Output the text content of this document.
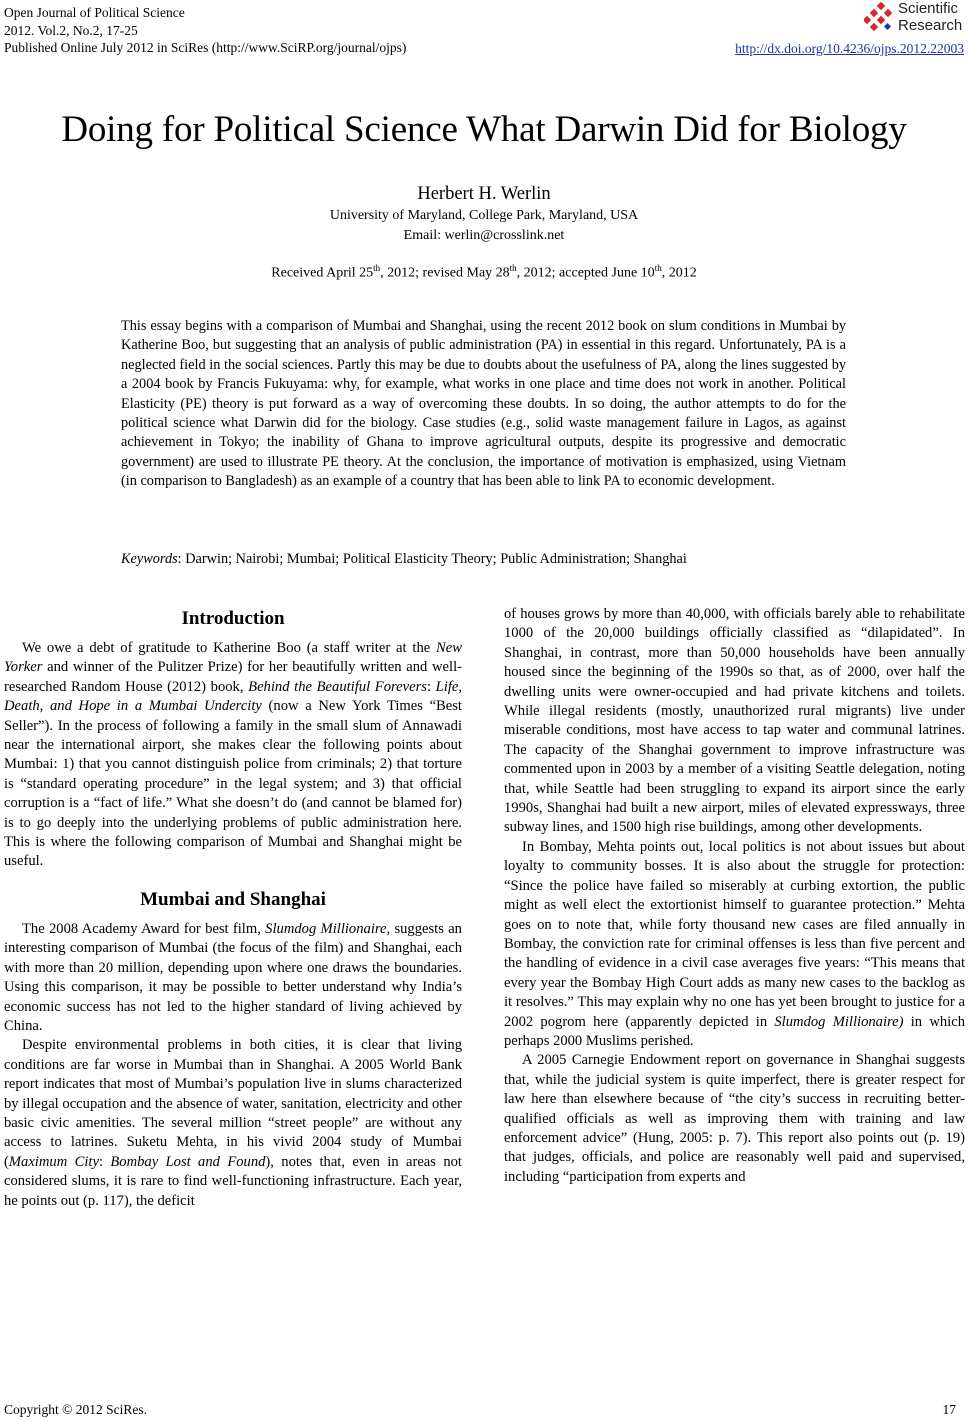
Open Journal of Political Science
2012. Vol.2, No.2, 17-25
Published Online July 2012 in SciRes (http://www.SciRP.org/journal/ojps)
Scientific
Research
http://dx.doi.org/10.4236/ojps.2012.22003
Doing for Political Science What Darwin Did for Biology
Herbert H. Werlin
University of Maryland, College Park, Maryland, USA
Email: werlin@crosslink.net
Received April 25th, 2012; revised May 28th, 2012; accepted June 10th, 2012
This essay begins with a comparison of Mumbai and Shanghai, using the recent 2012 book on slum conditions in Mumbai by Katherine Boo, but suggesting that an analysis of public administration (PA) in essential in this regard. Unfortunately, PA is a neglected field in the social sciences. Partly this may be due to doubts about the usefulness of PA, along the lines suggested by a 2004 book by Francis Fukuyama: why, for example, what works in one place and time does not work in another. Political Elasticity (PE) theory is put forward as a way of overcoming these doubts. In so doing, the author attempts to do for the political science what Darwin did for the biology. Case studies (e.g., solid waste management failure in Lagos, as against achievement in Tokyo; the inability of Ghana to improve agricultural outputs, despite its progressive and democratic government) are used to illustrate PE theory. At the conclusion, the importance of motivation is emphasized, using Vietnam (in comparison to Bangladesh) as an example of a country that has been able to link PA to economic development.
Keywords: Darwin; Nairobi; Mumbai; Political Elasticity Theory; Public Administration; Shanghai
Introduction

We owe a debt of gratitude to Katherine Boo (a staff writer at the New Yorker and winner of the Pulitzer Prize) for her beautifully written and well-researched Random House (2012) book, Behind the Beautiful Forevers: Life, Death, and Hope in a Mumbai Undercity (now a New York Times “Best Seller”). In the process of following a family in the small slum of Annawadi near the international airport, she makes clear the following points about Mumbai: 1) that you cannot distinguish police from criminals; 2) that torture is “standard operating procedure” in the legal system; and 3) that official corruption is a “fact of life.” What she doesn’t do (and cannot be blamed for) is to go deeply into the underlying problems of public administration here. This is where the following comparison of Mumbai and Shanghai might be useful.

Mumbai and Shanghai

The 2008 Academy Award for best film, Slumdog Millionaire, suggests an interesting comparison of Mumbai (the focus of the film) and Shanghai, each with more than 20 million, depending upon where one draws the boundaries. Using this comparison, it may be possible to better understand why India’s economic success has not led to the higher standard of living achieved by China.

Despite environmental problems in both cities, it is clear that living conditions are far worse in Mumbai than in Shanghai. A 2005 World Bank report indicates that most of Mumbai’s population live in slums characterized by illegal occupation and the absence of water, sanitation, electricity and other basic civic amenities. The several million “street people” are without any access to latrines. Suketu Mehta, in his vivid 2004 study of Mumbai (Maximum City: Bombay Lost and Found), notes that, even in areas not considered slums, it is rare to find well-functioning infrastructure. Each year, he points out (p. 117), the deficit

of houses grows by more than 40,000, with officials barely able to rehabilitate 1000 of the 20,000 buildings officially classified as “dilapidated”. In Shanghai, in contrast, more than 50,000 households have been annually housed since the beginning of the 1990s so that, as of 2000, over half the dwelling units were owner-occupied and had private kitchens and toilets. While illegal residents (mostly, unauthorized rural migrants) live under miserable conditions, most have access to tap water and communal latrines. The capacity of the Shanghai government to improve infrastructure was commented upon in 2003 by a member of a visiting Seattle delegation, noting that, while Seattle had been struggling to expand its airport since the early 1990s, Shanghai had built a new airport, miles of elevated expressways, three subway lines, and 1500 high rise buildings, among other developments.

In Bombay, Mehta points out, local politics is not about issues but about loyalty to community bosses. It is also about the struggle for protection: “Since the police have failed so miserably at curbing extortion, the public might as well elect the extortionist himself to guarantee protection.” Mehta goes on to note that, while forty thousand new cases are filed annually in Bombay, the conviction rate for criminal offenses is less than five percent and the handling of evidence in a civil case averages five years: “This means that every year the Bombay High Court adds as many new cases to the backlog as it resolves.” This may explain why no one has yet been brought to justice for a 2002 pogrom here (apparently depicted in Slumdog Millionaire) in which perhaps 2000 Muslims perished.

A 2005 Carnegie Endowment report on governance in Shanghai suggests that, while the judicial system is quite imperfect, there is greater respect for law here than elsewhere because of “the city’s success in recruiting better-qualified officials as well as improving them with training and law enforcement advice” (Hung, 2005: p. 7). This report also points out (p. 19) that judges, officials, and police are reasonably well paid and supervised, including “participation from experts and

Copyright © 2012 SciRes.	17
